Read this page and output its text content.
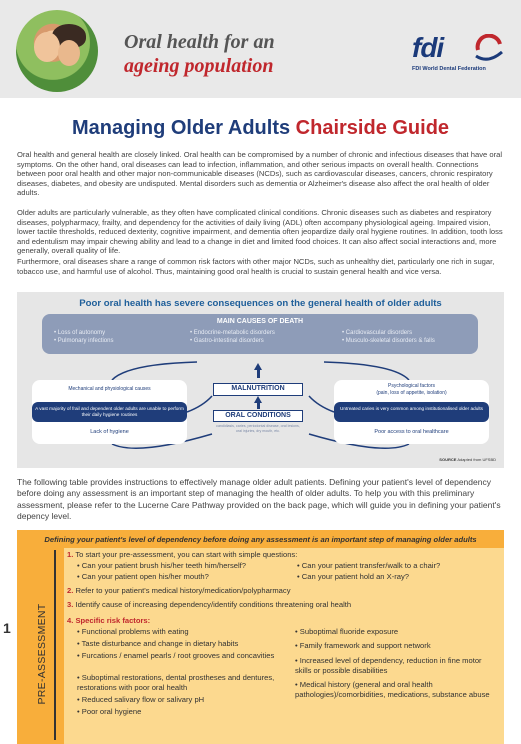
Oral health for an
ageing population
fdi
FDI World Dental Federation
Managing Older Adults Chairside Guide

Oral health and general health are closely linked. Oral health can be compromised by a number of chronic and infectious diseases that have oral symptoms. On the other hand, oral diseases can lead to infection, inflammation, and other serious impacts on overall health. Connections between poor oral health and other major non-communicable diseases (NCDs), such as cardiovascular diseases, cancers, chronic respiratory diseases, diabetes, and obesity are undisputed. Mental disorders such as dementia or Alzheimer's disease also affect the oral health of older adults.

Older adults are particularly vulnerable, as they often have complicated clinical conditions. Chronic diseases such as diabetes and respiratory diseases, polypharmacy, frailty, and dependency for the activities of daily living (ADL) often accompany physiological ageing. Impaired vision, lower tactile thresholds, reduced dexterity, cognitive impairment, and dementia often jeopardize daily oral hygiene routines. In addition, tooth loss and edentulism may impair chewing ability and lead to a change in diet and limited food choices. It can also affect social interactions and, more generally, overall quality of life.

Furthermore, oral diseases share a range of common risk factors with other major NCDs, such as unhealthy diet, particularly one rich in sugar, tobacco use, and harmful use of alcohol. Thus, maintaining good oral health is crucial to sustain general health and vice versa.

Poor oral health has severe consequences on the general health of older adults
MAIN CAUSES OF DEATH
• Loss of autonomy
• Pulmonary infections
• Endocrine-metabolic disorders
• Gastro-intestinal disorders
• Cardiovascular disorders
• Musculo-skeletal disorders & falls
Mechanical and physiological causes
A vast majority of frail and dependent older adults are unable to perform their daily hygiene routines
Lack of hygiene
Psychological factors
(pain, loss of appetite, isolation)
Untreated caries is very common among institutionalised older adults
Poor access to oral healthcare
MALNUTRITION
ORAL CONDITIONS
candidiasis, caries, periodontal disease, oral lesions, oral injuries, dry mouth, etc.
SOURCE Adapted from UFSBD

The following table provides instructions to effectively manage older adult patients. Defining your patient's level of dependency before doing any assessment is an important step of managing the health of older adults. To help you with this preliminary assessment, please refer to the Lucerne Care Pathway provided on the back page, which will guide you in defining your patient's depency level.

Defining your patient's level of dependency before doing any assessment is an important step of managing older adults
PRE-ASSESSMENT
1. To start your pre-assessment, you can start with simple questions:
• Can your patient brush his/her teeth him/herself?
• Can your patient open his/her mouth?
• Can your patient transfer/walk to a chair?
• Can your patient hold an X-ray?
2. Refer to your patient's medical history/medication/polypharmacy
3. Identify cause of increasing dependency/identify conditions threatening oral health
4. Specific risk factors:
• Functional problems with eating
• Taste disturbance and change in dietary habits
• Furcations / enamel pearls / root grooves and concavities
• Suboptimal restorations, dental prostheses and dentures, restorations with poor oral health
• Reduced salivary flow or salivary pH
• Poor oral hygiene
• Suboptimal fluoride exposure
• Family framework and support network
• Increased level of dependency, reduction in fine motor skills or possible disabilities
• Medical history (general and oral health pathologies)/comorbidities, medications, substance abuse
1
